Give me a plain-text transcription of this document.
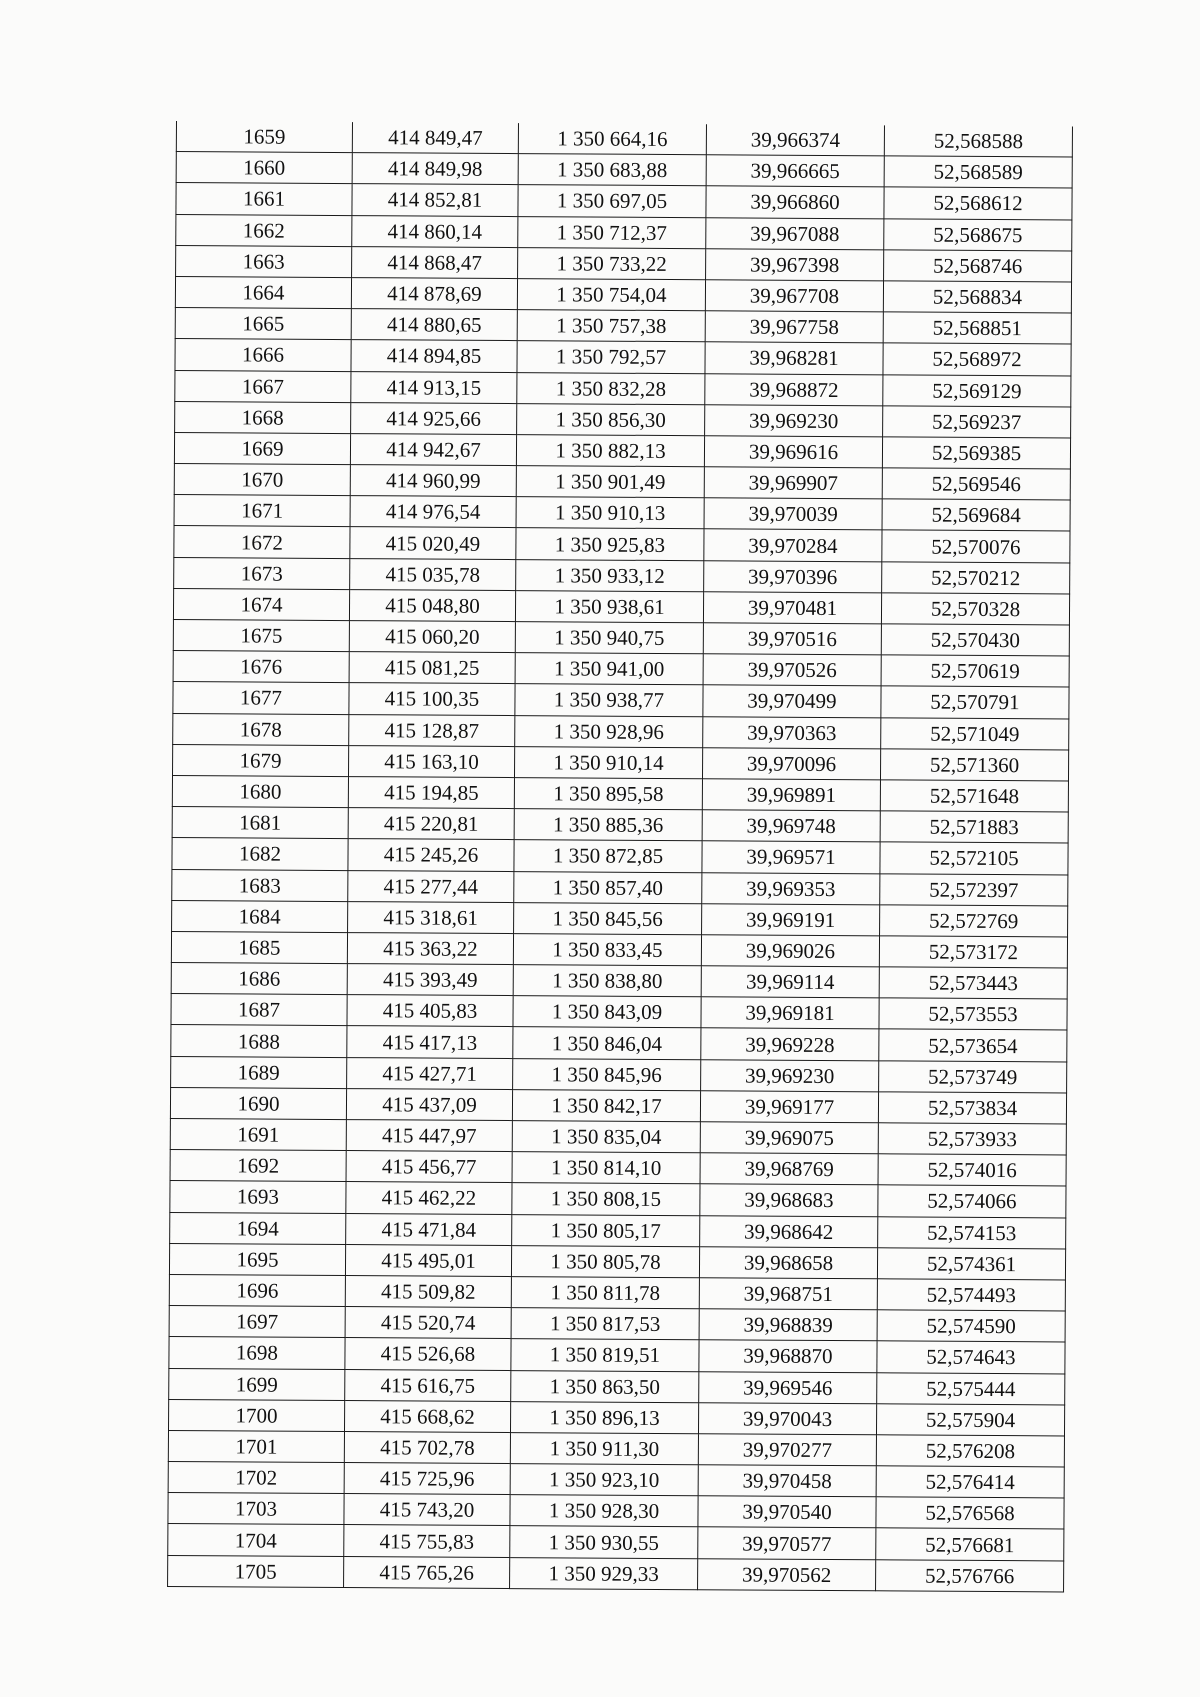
1659	414 849,47	1 350 664,16	39,966374	52,568588
1660	414 849,98	1 350 683,88	39,966665	52,568589
1661	414 852,81	1 350 697,05	39,966860	52,568612
1662	414 860,14	1 350 712,37	39,967088	52,568675
1663	414 868,47	1 350 733,22	39,967398	52,568746
1664	414 878,69	1 350 754,04	39,967708	52,568834
1665	414 880,65	1 350 757,38	39,967758	52,568851
1666	414 894,85	1 350 792,57	39,968281	52,568972
1667	414 913,15	1 350 832,28	39,968872	52,569129
1668	414 925,66	1 350 856,30	39,969230	52,569237
1669	414 942,67	1 350 882,13	39,969616	52,569385
1670	414 960,99	1 350 901,49	39,969907	52,569546
1671	414 976,54	1 350 910,13	39,970039	52,569684
1672	415 020,49	1 350 925,83	39,970284	52,570076
1673	415 035,78	1 350 933,12	39,970396	52,570212
1674	415 048,80	1 350 938,61	39,970481	52,570328
1675	415 060,20	1 350 940,75	39,970516	52,570430
1676	415 081,25	1 350 941,00	39,970526	52,570619
1677	415 100,35	1 350 938,77	39,970499	52,570791
1678	415 128,87	1 350 928,96	39,970363	52,571049
1679	415 163,10	1 350 910,14	39,970096	52,571360
1680	415 194,85	1 350 895,58	39,969891	52,571648
1681	415 220,81	1 350 885,36	39,969748	52,571883
1682	415 245,26	1 350 872,85	39,969571	52,572105
1683	415 277,44	1 350 857,40	39,969353	52,572397
1684	415 318,61	1 350 845,56	39,969191	52,572769
1685	415 363,22	1 350 833,45	39,969026	52,573172
1686	415 393,49	1 350 838,80	39,969114	52,573443
1687	415 405,83	1 350 843,09	39,969181	52,573553
1688	415 417,13	1 350 846,04	39,969228	52,573654
1689	415 427,71	1 350 845,96	39,969230	52,573749
1690	415 437,09	1 350 842,17	39,969177	52,573834
1691	415 447,97	1 350 835,04	39,969075	52,573933
1692	415 456,77	1 350 814,10	39,968769	52,574016
1693	415 462,22	1 350 808,15	39,968683	52,574066
1694	415 471,84	1 350 805,17	39,968642	52,574153
1695	415 495,01	1 350 805,78	39,968658	52,574361
1696	415 509,82	1 350 811,78	39,968751	52,574493
1697	415 520,74	1 350 817,53	39,968839	52,574590
1698	415 526,68	1 350 819,51	39,968870	52,574643
1699	415 616,75	1 350 863,50	39,969546	52,575444
1700	415 668,62	1 350 896,13	39,970043	52,575904
1701	415 702,78	1 350 911,30	39,970277	52,576208
1702	415 725,96	1 350 923,10	39,970458	52,576414
1703	415 743,20	1 350 928,30	39,970540	52,576568
1704	415 755,83	1 350 930,55	39,970577	52,576681
1705	415 765,26	1 350 929,33	39,970562	52,576766
